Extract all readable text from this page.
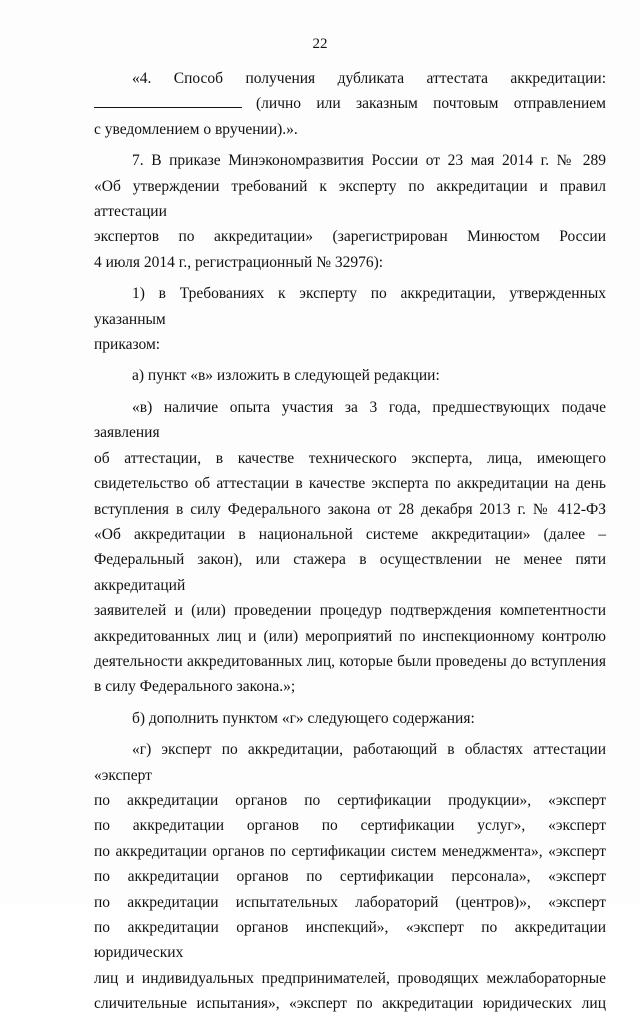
22
«4. Способ получения дубликата аттестата аккредитации:
(лично или заказным почтовым отправлением
с уведомлением о вручении).».
7. В приказе Минэкономразвития России от 23 мая 2014 г. № 289
«Об утверждении требований к эксперту по аккредитации и правил аттестации
экспертов по аккредитации» (зарегистрирован Минюстом России
4 июля 2014 г., регистрационный № 32976):
1) в Требованиях к эксперту по аккредитации, утвержденных указанным
приказом:
а) пункт «в» изложить в следующей редакции:
«в) наличие опыта участия за 3 года, предшествующих подаче заявления
об аттестации, в качестве технического эксперта, лица, имеющего
свидетельство об аттестации в качестве эксперта по аккредитации на день
вступления в силу Федерального закона от 28 декабря 2013 г. № 412-ФЗ
«Об аккредитации в национальной системе аккредитации» (далее –
Федеральный закон), или стажера в осуществлении не менее пяти аккредитаций
заявителей и (или) проведении процедур подтверждения компетентности
аккредитованных лиц и (или) мероприятий по инспекционному контролю
деятельности аккредитованных лиц, которые были проведены до вступления
в силу Федерального закона.»;
б) дополнить пунктом «г» следующего содержания:
«г) эксперт по аккредитации, работающий в областях аттестации «эксперт
по аккредитации органов по сертификации продукции», «эксперт
по аккредитации органов по сертификации услуг», «эксперт
по аккредитации органов по сертификации систем менеджмента», «эксперт
по аккредитации органов по сертификации персонала», «эксперт
по аккредитации испытательных лабораторий (центров)», «эксперт
по аккредитации органов инспекций», «эксперт по аккредитации юридических
лиц и индивидуальных предпринимателей, проводящих межлабораторные
сличительные испытания», «эксперт по аккредитации юридических лиц
